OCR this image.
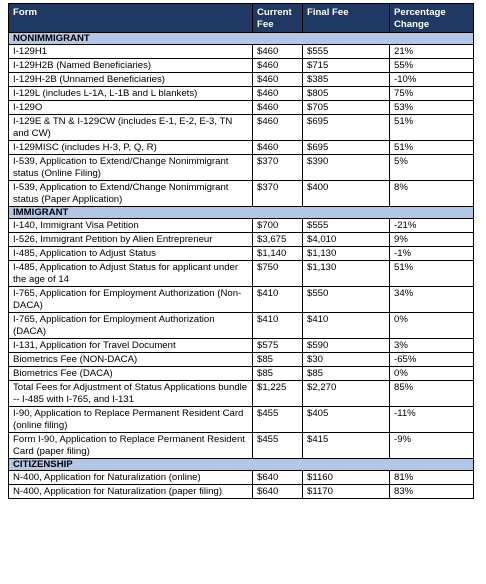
Form	Current Fee	Final Fee	Percentage Change
NONIMMIGRANT			
I-129H1	$460	$555	21%
I-129H2B (Named Beneficiaries)	$460	$715	55%
I-129H-2B (Unnamed Beneficiaries)	$460	$385	-10%
I-129L (includes L-1A, L-1B and L blankets)	$460	$805	75%
I-129O	$460	$705	53%
I-129E & TN & I-129CW (includes E-1, E-2, E-3, TN and CW)	$460	$695	51%
I-129MISC (includes H-3, P, Q, R)	$460	$695	51%
I-539, Application to Extend/Change Nonimmigrant status (Online Filing)	$370	$390	5%
I-539, Application to Extend/Change Nonimmigrant status (Paper Application)	$370	$400	8%
IMMIGRANT			
I-140, Immigrant Visa Petition	$700	$555	-21%
I-526, Immigrant Petition by Alien Entrepreneur	$3,675	$4,010	9%
I-485, Application to Adjust Status	$1,140	$1,130	-1%
I-485, Application to Adjust Status for applicant under the age of 14	$750	$1,130	51%
I-765, Application for Employment Authorization (Non-DACA)	$410	$550	34%
I-765, Application for Employment Authorization (DACA)	$410	$410	0%
I-131, Application for Travel Document	$575	$590	3%
Biometrics Fee (NON-DACA)	$85	$30	-65%
Biometrics Fee (DACA)	$85	$85	0%
Total Fees for Adjustment of Status Applications bundle -- I-485 with I-765, and I-131	$1,225	$2,270	85%
I-90, Application to Replace Permanent Resident Card (online filing)	$455	$405	-11%
Form I-90, Application to Replace Permanent Resident Card (paper filing)	$455	$415	-9%
CITIZENSHIP			
N-400, Application for Naturalization (online)	$640	$1160	81%
N-400, Application for Naturalization (paper filing)	$640	$1170	83%
